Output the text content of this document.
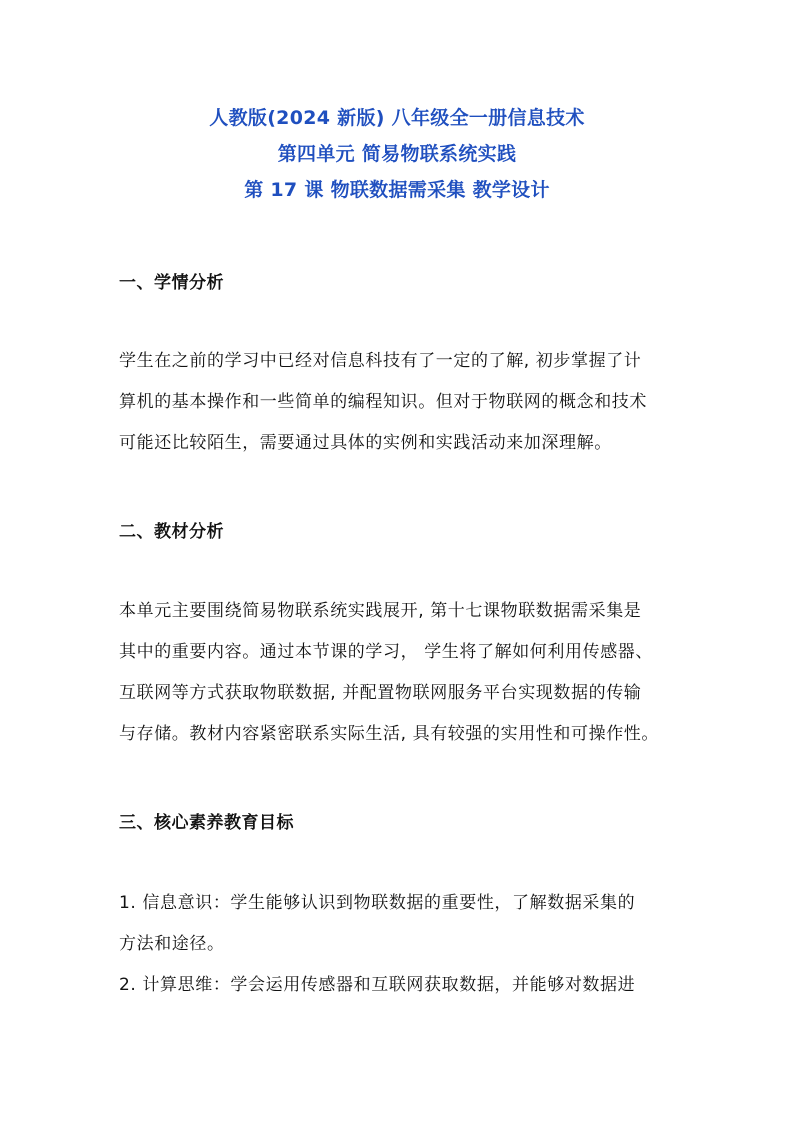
人教版(2024 新版) 八年级全一册信息技术
第四单元 简易物联系统实践
第 17 课 物联数据需采集 教学设计
一、学情分析
学生在之前的学习中已经对信息科技有了一定的了解, 初步掌握了计
算机的基本操作和一些简单的编程知识。但对于物联网的概念和技术
可能还比较陌生，需要通过具体的实例和实践活动来加深理解。
二、教材分析
本单元主要围绕简易物联系统实践展开, 第十七课物联数据需采集是
其中的重要内容。通过本节课的学习， 学生将了解如何利用传感器、
互联网等方式获取物联数据, 并配置物联网服务平台实现数据的传输
与存储。教材内容紧密联系实际生活, 具有较强的实用性和可操作性。
三、核心素养教育目标
1. 信息意识：学生能够认识到物联数据的重要性，了解数据采集的
方法和途径。
2. 计算思维：学会运用传感器和互联网获取数据，并能够对数据进
